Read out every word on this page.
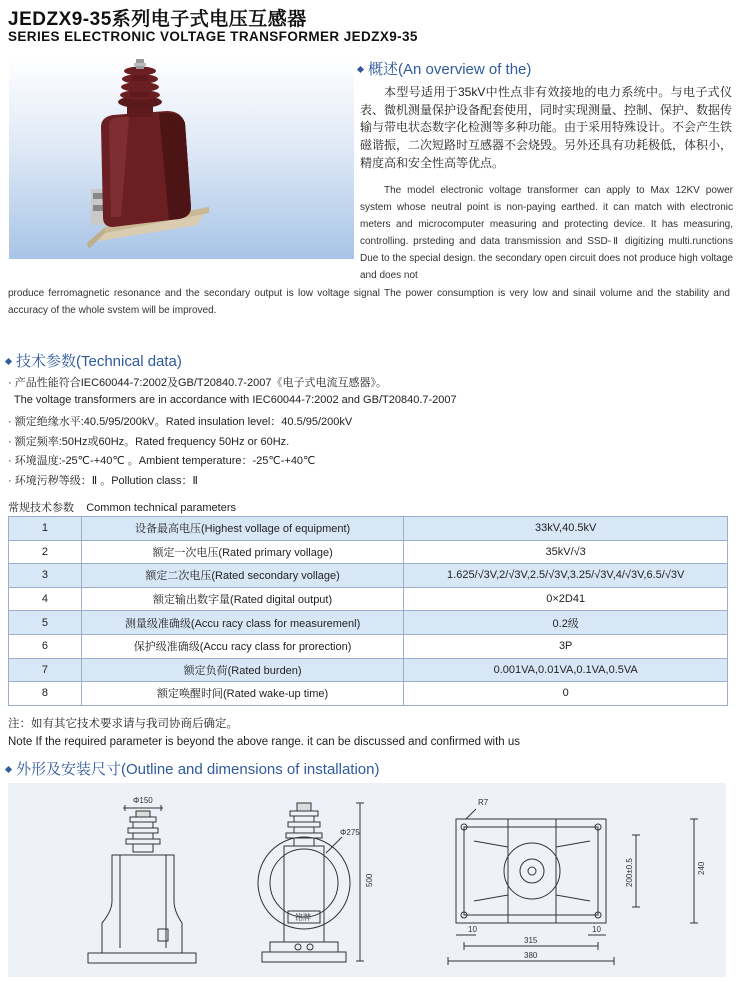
JEDZX9-35系列电子式电压互感器
SERIES ELECTRONIC VOLTAGE TRANSFORMER JEDZX9-35
概述(An overview of the)
本型号适用于35kV中性点非有效接地的电力系统中。与电子式仪表、微机测量保护设备配套使用，同时实现测量、控制、保护、数据传输与带电状态数字化检测等多种功能。由于采用特殊设计。不会产生铁磁谐振，二次短路时互感器不会烧毁。另外还具有功耗极低，体积小，精度高和安全性高等优点。
The model electronic voltage transformer can apply to Max 12KV power system whose neutral point is non-paying earthed. it can match with electronic meters and microcomputer measuring and protecting device. It has measuring, controlling. prsteding and data transmission and SSD-Ⅱ digitizing multi.runctions Due to the special design. the secondary open circuit does not produce high voltage and does not
produce ferromagnetic resonance and the secondary output is low voltage signal The power consumption is very low and sinail volume and the stability and accuracy of the whole svstem will be improved.
技术参数(Technical data)
· 产品性能符合IEC60044-7:2002及GB/T20840.7-2007《电子式电流互感器》。
The voltage transformers are in accordance with IEC60044-7:2002 and GB/T20840.7-2007
· 额定绝缘水平:40.5/95/200kV。Rated insulation level：40.5/95/200kV
· 额定频率:50Hz或60Hz。Rated frequency 50Hz or 60Hz.
· 环境温度:-25℃-+40℃ 。Ambient temperature：-25℃-+40℃
· 环境污秽等级：Ⅱ 。Pollution class：Ⅱ
常规技术参数    Common technical parameters
1	设备最高电压(Highest vollage of equipment)	33kV,40.5kV
2	额定一次电压(Rated primary vollage)	35kV/√3
3	额定二次电压(Rated secondary vollage)	1.625/√3V,2/√3V,2.5/√3V,3.25/√3V,4/√3V,6.5/√3V
4	额定输出数字量(Rated digital output)	0×2D41
5	测量级准确级(Accu racy class for measuremenl)	0.2级
6	保护级准确级(Accu racy class for prorection)	3P
7	额定负荷(Rated burden)	0.001VA,0.01VA,0.1VA,0.5VA
8	额定唤醒时间(Rated wake-up time)	0
注：如有其它技术要求请与我司协商后确定。
Note If the required parameter is beyond the above range. it can be discussed and confirmed with us
外形及安装尺寸(Outline and dimensions of installation)
Φ150
铭牌
Φ275
500
R7
200±0.5	240
10	10
315
380
